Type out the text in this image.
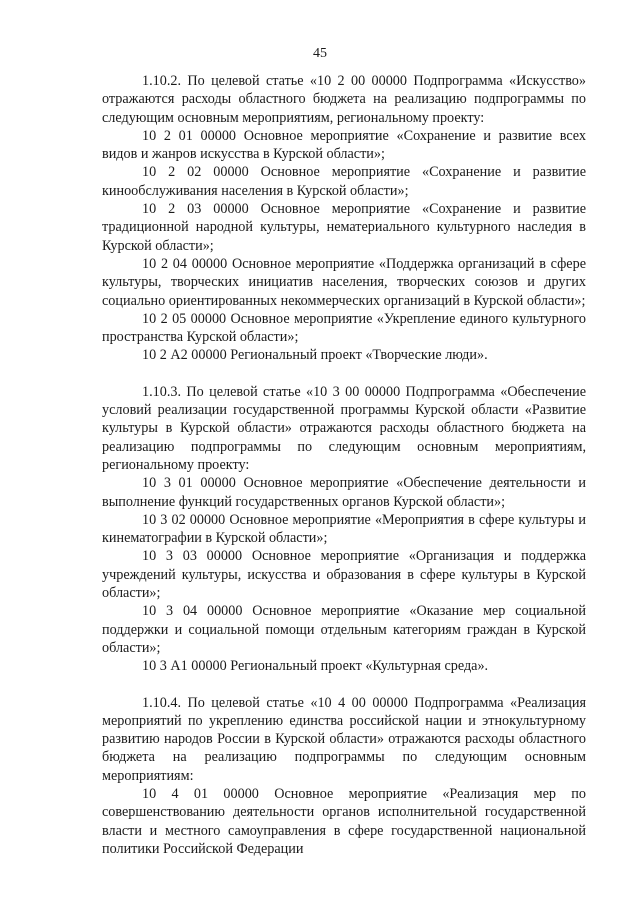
45

1.10.2. По целевой статье «10 2 00 00000 Подпрограмма «Искусство» отражаются расходы областного бюджета на реализацию подпрограммы по следующим основным мероприятиям, региональному проекту:

10 2 01 00000 Основное мероприятие «Сохранение и развитие всех видов и жанров искусства в Курской области»;

10 2 02 00000 Основное мероприятие «Сохранение и развитие кинообслуживания населения в Курской области»;

10 2 03 00000 Основное мероприятие «Сохранение и развитие традиционной народной культуры, нематериального культурного наследия в Курской области»;

10 2 04 00000 Основное мероприятие «Поддержка организаций в сфере культуры, творческих инициатив населения, творческих союзов и других социально ориентированных некоммерческих организаций в Курской области»;

10 2 05 00000 Основное мероприятие «Укрепление единого культурного пространства Курской области»;

10 2 А2 00000 Региональный проект «Творческие люди».

1.10.3. По целевой статье «10 3 00 00000 Подпрограмма «Обеспечение условий реализации государственной программы Курской области «Развитие культуры в Курской области» отражаются расходы областного бюджета на реализацию подпрограммы по следующим основным мероприятиям, региональному проекту:

10 3 01 00000 Основное мероприятие «Обеспечение деятельности и выполнение функций государственных органов Курской области»;

10 3 02 00000 Основное мероприятие «Мероприятия в сфере культуры и кинематографии в Курской области»;

10 3 03 00000 Основное мероприятие «Организация и поддержка учреждений культуры, искусства и образования в сфере культуры в Курской области»;

10 3 04 00000 Основное мероприятие «Оказание мер социальной поддержки и социальной помощи отдельным категориям граждан в Курской области»;

10 3 А1 00000 Региональный проект «Культурная среда».

1.10.4. По целевой статье «10 4 00 00000 Подпрограмма «Реализация мероприятий по укреплению единства российской нации и этнокультурному развитию народов России в Курской области» отражаются расходы областного бюджета на реализацию подпрограммы по следующим основным мероприятиям:

10 4 01 00000 Основное мероприятие «Реализация мер по совершенствованию деятельности органов исполнительной государственной власти и местного самоуправления в сфере государственной национальной политики Российской Федерации
